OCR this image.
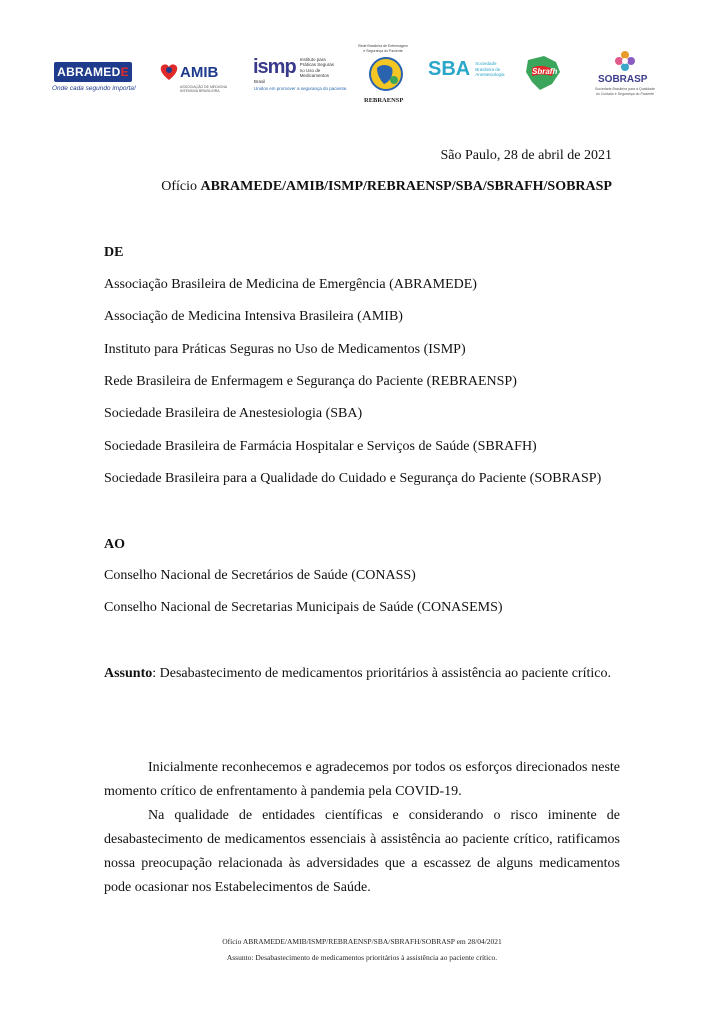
ABRAMED E
Onde cada segundo importa!
AMIB
ASSOCIAÇÃO DE MEDICINA INTENSIVA BRASILEIRA
ismp Instituto para Práticas Seguras no Uso de Medicamentos
Brasil
Unidos em promover a segurança do paciente.
Rede Brasileira de Enfermagem e Segurança do Paciente
REBRAENSP
SBA Sociedade Brasileira de Anestesiologia	Sbrafh
SOBRASP
Sociedade Brasileira para a Qualidade do Cuidado e Segurança do Paciente
São Paulo, 28 de abril de 2021
Ofício ABRAMEDE/AMIB/ISMP/REBRAENSP/SBA/SBRAFH/SOBRASP
DE
Associação Brasileira de Medicina de Emergência (ABRAMEDE)
Associação de Medicina Intensiva Brasileira (AMIB)
Instituto para Práticas Seguras no Uso de Medicamentos (ISMP)
Rede Brasileira de Enfermagem e Segurança do Paciente (REBRAENSP)
Sociedade Brasileira de Anestesiologia (SBA)
Sociedade Brasileira de Farmácia Hospitalar e Serviços de Saúde (SBRAFH)
Sociedade Brasileira para a Qualidade do Cuidado e Segurança do Paciente (SOBRASP)
AO
Conselho Nacional de Secretários de Saúde (CONASS)
Conselho Nacional de Secretarias Municipais de Saúde (CONASEMS)
Assunto: Desabastecimento de medicamentos prioritários à assistência ao paciente crítico.
Inicialmente reconhecemos e agradecemos por todos os esforços direcionados neste momento crítico de enfrentamento à pandemia pela COVID-19.
Na qualidade de entidades científicas e considerando o risco iminente de desabastecimento de medicamentos essenciais à assistência ao paciente crítico, ratificamos nossa preocupação relacionada às adversidades que a escassez de alguns medicamentos pode ocasionar nos Estabelecimentos de Saúde.
Ofício ABRAMEDE/AMIB/ISMP/REBRAENSP/SBA/SBRAFH/SOBRASP em 28/04/2021
Assunto: Desabastecimento de medicamentos prioritários à assistência ao paciente crítico.
